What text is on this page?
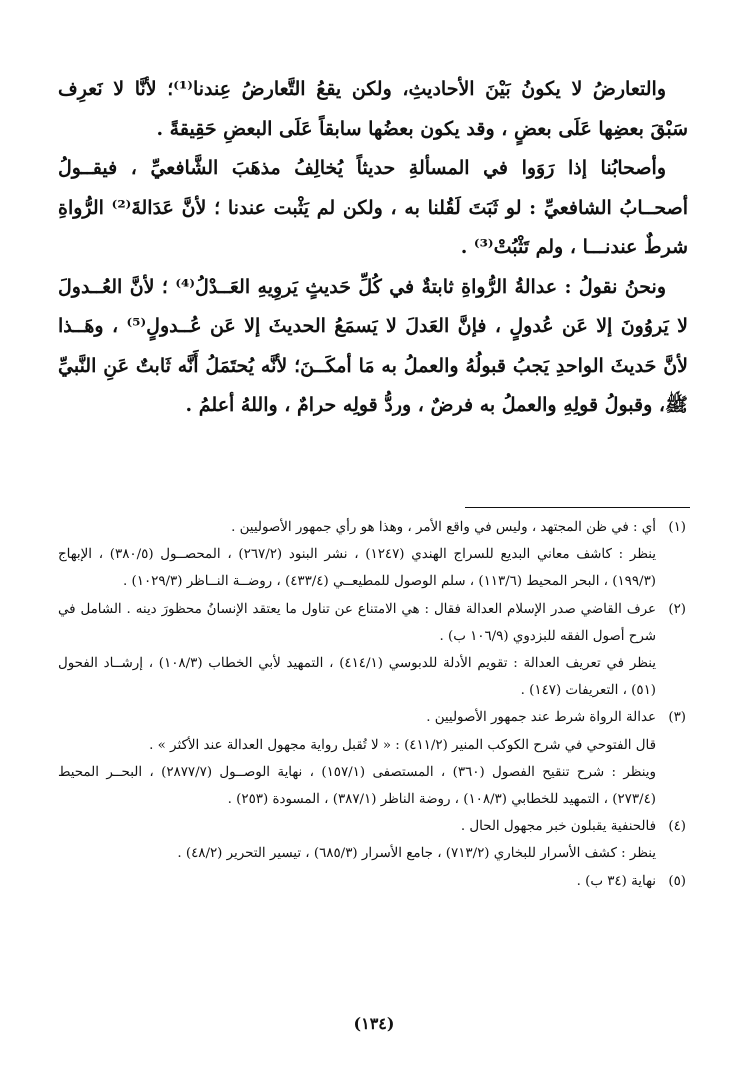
والتعارضُ لا يكونُ بَيْنَ الأحاديثِ، ولكن يقعُ التَّعارضُ عِندنا⁽¹⁾؛ لأنَّا لا نَعرِف سَبْقَ بعضِها عَلَى بعضٍ ، وقد يكون بعضُها سابقاً عَلَى البعضِ حَقِيقةً .

وأصحابُنا إذا رَوَوا في المسألةِ حديثاً يُخالِفُ مذهَبَ الشَّافعيِّ ، فيقــولُ أصحــابُ الشافعيِّ : لو ثَبَتَ لَقُلنا به ، ولكن لم يَثْبت عندنا ؛ لأنَّ عَدَالةَ⁽²⁾ الرُّواةِ شرطٌ عندنـــا ، ولم تَثْبُتْ⁽³⁾ .

ونحنُ نقولُ : عدالةُ الرُّواةِ ثابتةٌ في كُلِّ حَديثٍ يَروِيهِ العَــدْلُ⁽⁴⁾ ؛ لأنَّ العُــدولَ لا يَروُونَ إلا عَن عُدولٍ ، فإنَّ العَدلَ لا يَسمَعُ الحديثَ إلا عَن عُــدولٍ⁽⁵⁾ ، وهَــذا لأنَّ حَديثَ الواحدِ يَجبُ قبولُهُ والعملُ به مَا أمكَــنَ؛ لأنَّه يُحتَمَلُ أَنَّه ثَابتٌ عَنِ النَّبيِّ ﷺ، وقبولُ قولِهِ والعملُ به فرضٌ ، وردُّ قولِه حرامٌ ، واللهُ أعلمُ .

(١)

أي : في ظن المجتهد ، وليس في واقع الأمر ، وهذا هو رأي جمهور الأصوليين .

ينظر : كاشف معاني البديع للسراج الهندي (١٢٤٧) ، نشر البنود (٢٦٧/٢) ، المحصــول (٣٨٠/٥) ، الإبهاج (١٩٩/٣) ، البحر المحيط (١١٣/٦) ، سلم الوصول للمطيعــي (٤٣٣/٤) ، روضــة النــاظر (١٠٢٩/٣) .

(٢)

عرف القاضي صدر الإسلام العدالة فقال : هي الامتناع عن تناول ما يعتقد الإنسانُ محظورَ دينه . الشامل في شرح أصول الفقه للبزدوي (١٠٦/٩ ب) .

ينظر في تعريف العدالة : تقويم الأدلة للدبوسي (٤١٤/١) ، التمهيد لأبي الخطاب (١٠٨/٣) ، إرشــاد الفحول (٥١) ، التعريفات (١٤٧) .

(٣)

عدالة الرواة شرط عند جمهور الأصوليين .

قال الفتوحي في شرح الكوكب المنير (٤١١/٢) : « لا تُقبل رواية مجهول العدالة عند الأكثر » .

وينظر : شرح تنقيح الفصول (٣٦٠) ، المستصفى (١٥٧/١) ، نهاية الوصــول (٢٨٧٧/٧) ، البحــر المحيط (٢٧٣/٤) ، التمهيد للخطابي (١٠٨/٣) ، روضة الناظر (٣٨٧/١) ، المسودة (٢٥٣) .

(٤)

فالحنفية يقبلون خبر مجهول الحال .

ينظر : كشف الأسرار للبخاري (٧١٣/٢) ، جامع الأسرار (٦٨٥/٣) ، تيسير التحرير (٤٨/٢) .

(٥)

نهاية (٣٤ ب) .

(١٣٤)
